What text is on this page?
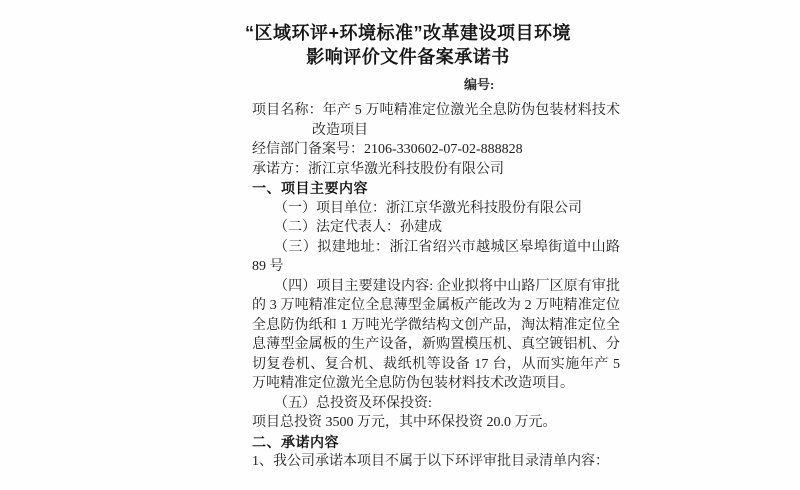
“区域环评+环境标准”改革建设项目环境
影响评价文件备案承诺书
编号:

项目名称：年产 5 万吨精准定位激光全息防伪包装材料技术改造项目

经信部门备案号：2106-330602-07-02-888828

承诺方：浙江京华激光科技股份有限公司

一、项目主要内容

（一）项目单位：浙江京华激光科技股份有限公司

（二）法定代表人：孙建成

（三）拟建地址：浙江省绍兴市越城区皋埠街道中山路 89 号

（四）项目主要建设内容: 企业拟将中山路厂区原有审批的 3 万吨精准定位全息薄型金属板产能改为 2 万吨精准定位全息防伪纸和 1 万吨光学微结构文创产品，淘汰精准定位全息薄型金属板的生产设备，新购置模压机、真空镀铝机、分切复卷机、复合机、裁纸机等设备 17 台，从而实施年产 5 万吨精准定位激光全息防伪包装材料技术改造项目。

（五）总投资及环保投资:

项目总投资 3500 万元，其中环保投资 20.0 万元。

二、承诺内容

1、我公司承诺本项目不属于以下环评审批目录清单内容：
